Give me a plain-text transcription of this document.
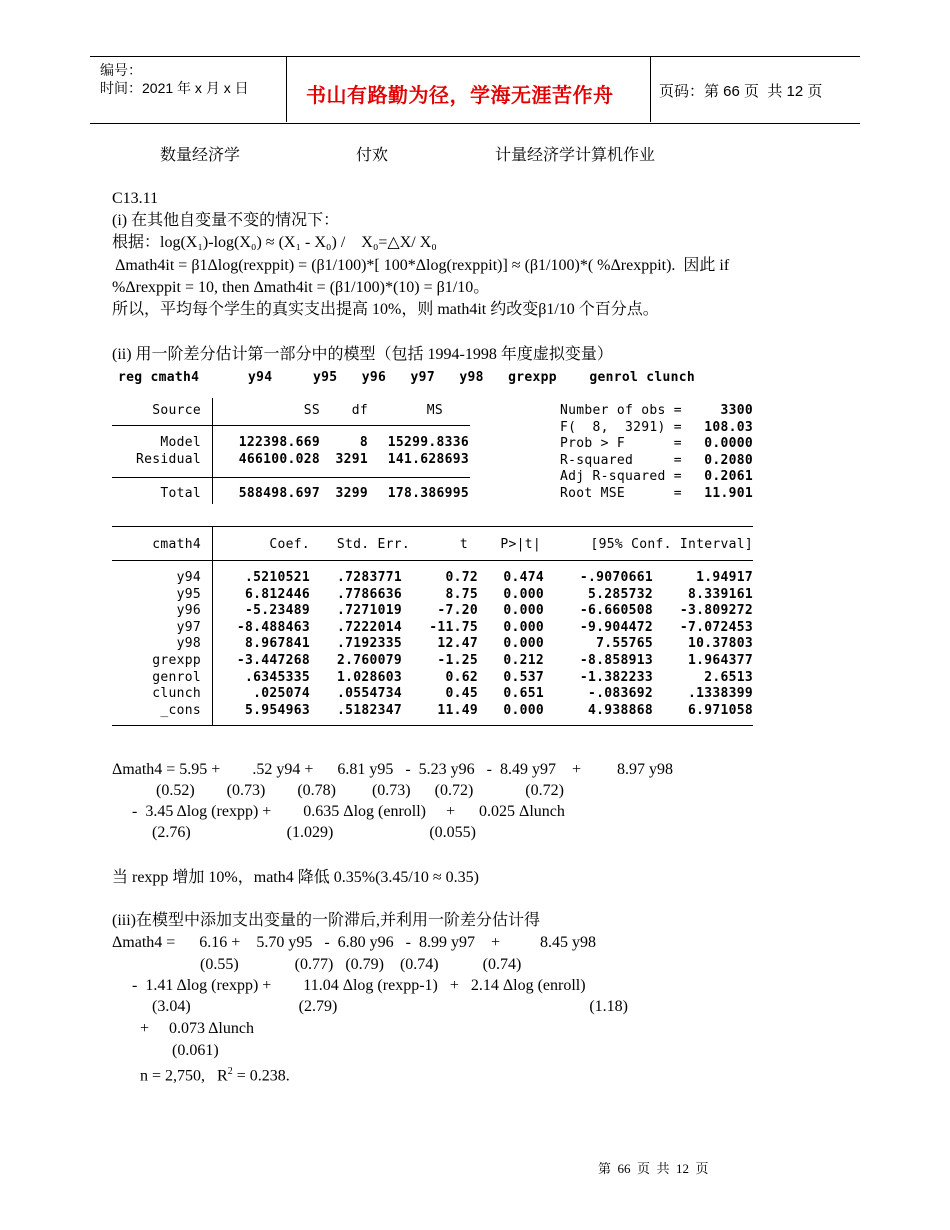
编号：
时间：2021 年 x 月 x 日	书山有路勤为径，学海无涯苦作舟	页码：第 66 页  共 12 页
数量经济学	付欢	计量经济学计算机作业
C13.11
(i) 在其他自变量不变的情况下：
根据：log(X₁)-log(X₀) ≈ (X₁ - X₀) /    X₀=△X/ X₀
Δmath4it = β1Δlog(rexppit) = (β1/100)*[ 100*Δlog(rexppit)] ≈ (β1/100)*( %Δrexppit).  因此 if
%Δrexppit = 10, then Δmath4it = (β1/100)*(10) = β1/10。
所以，平均每个学生的真实支出提高 10%，则 math4it 约改变β1/10 个百分点。
(ii) 用一阶差分估计第一部分中的模型（包括 1994-1998 年度虚拟变量）
reg cmath4      y94     y95   y96   y97   y98   grexpp    genrol clunch
Source	SS df	MS
Model	122398.669	8 15299.8336
Residual	466100.028 3291 141.628693
Total	588498.697 3299 178.386995
Number of obs =	3300
F(  8,  3291) = 108.03
Prob > F      = 0.0000
R-squared     = 0.2080
Adj R-squared = 0.2061
Root MSE      = 11.901
cmath4	Coef. Std. Err.	t P>|t|	[95% Conf. Interval]
y94	.5210521 .7283771	0.72 0.474	-.9070661	1.94917
y95	6.812446 .7786636	8.75 0.000	5.285732	8.339161
y96	-5.23489 .7271019	-7.20 0.000	-6.660508 -3.809272
y97	-8.488463 .7222014 -11.75 0.000	-9.904472 -7.072453
y98	8.967841 .7192335	12.47 0.000	7.55765	10.37803
grexpp	-3.447268 2.760079	-1.25 0.212	-8.858913	1.964377
genrol	.6345335 1.028603	0.62 0.537	-1.382233	2.6513
clunch	.025074 .0554734	0.45 0.651	-.083692	.1338399
_cons	5.954963 .5182347	11.49 0.000	4.938868	6.971058
Δmath4 = 5.95 +        .52 y94 +      6.81 y95   -  5.23 y96   -  8.49 y97    +         8.97 y98
(0.52)        (0.73)        (0.78)         (0.73)      (0.72)             (0.72)
-  3.45 Δlog (rexpp) +        0.635 Δlog (enroll)     +      0.025 Δlunch
(2.76)                        (1.029)                        (0.055)
当 rexpp 增加 10%，math4 降低 0.35%(3.45/10 ≈ 0.35)
(iii)在模型中添加支出变量的一阶滞后,并利用一阶差分估计得
Δmath4 =      6.16 +    5.70 y95   -  6.80 y96   -  8.99 y97    +          8.45 y98
(0.55)              (0.77)   (0.79)    (0.74)           (0.74)
-  1.41 Δlog (rexpp) +        11.04 Δlog (rexpp-1)   +   2.14 Δlog (enroll)
(3.04)                           (2.79)                                                               (1.18)
+     0.073 Δlunch
(0.061)
n = 2,750,   $R^2 = 0.238$.
第  66  页  共  12  页
